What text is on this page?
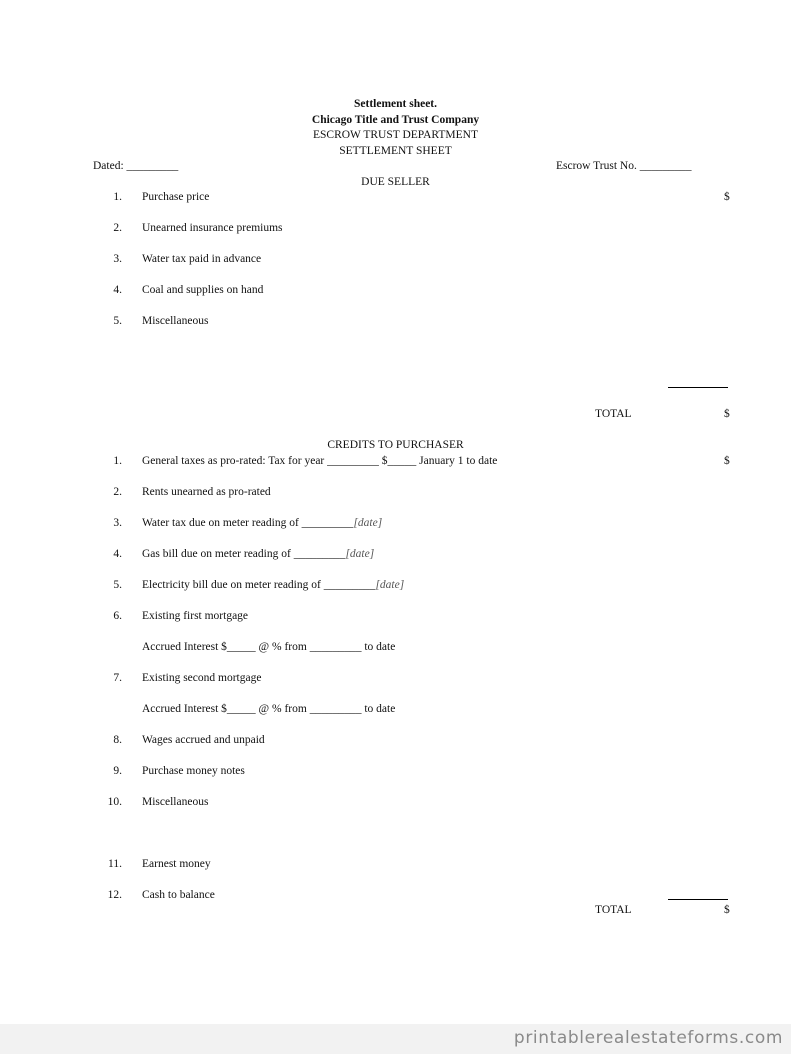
Settlement sheet.
Chicago Title and Trust Company
ESCROW TRUST DEPARTMENT
SETTLEMENT SHEET
Dated: _________	Escrow Trust No. _________
DUE SELLER
1. Purchase price	$
2. Unearned insurance premiums
3. Water tax paid in advance
4. Coal and supplies on hand
5. Miscellaneous
TOTAL	$
CREDITS TO PURCHASER
1. General taxes as pro-rated: Tax for year _________ $_____ January 1 to date	$
2. Rents unearned as pro-rated
3. Water tax due on meter reading of _________[date]
4. Gas bill due on meter reading of _________[date]
5. Electricity bill due on meter reading of _________[date]
6. Existing first mortgage
Accrued Interest $_____ @ % from _________ to date
7. Existing second mortgage
Accrued Interest $_____ @ % from _________ to date
8. Wages accrued and unpaid
9. Purchase money notes
10. Miscellaneous
11. Earnest money
12. Cash to balance
TOTAL	$
printablerealestateforms.com
